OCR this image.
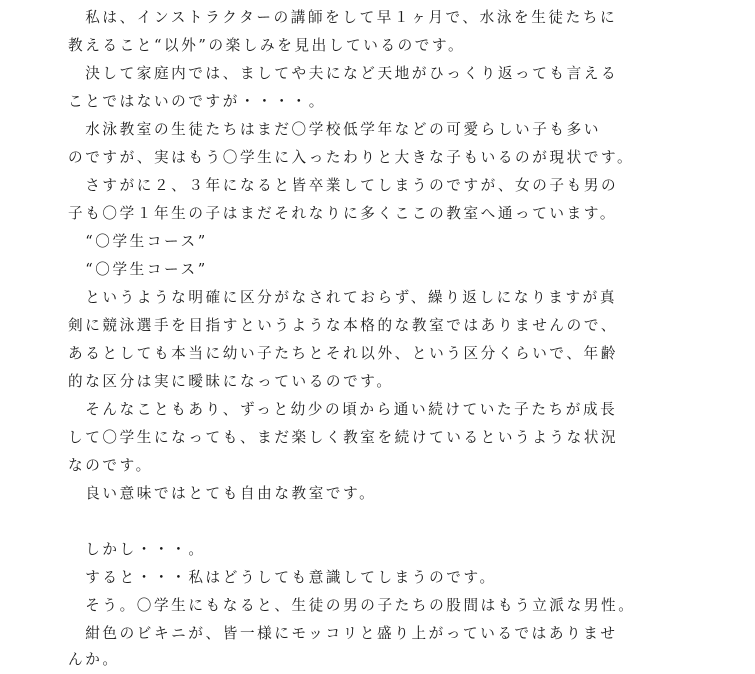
　私は、インストラクターの講師をして早１ヶ月で、水泳を生徒たちに
教えること“以外”の楽しみを見出しているのです。
　決して家庭内では、ましてや夫になど天地がひっくり返っても言える
ことではないのですが・・・・。
　水泳教室の生徒たちはまだ〇学校低学年などの可愛らしい子も多い
のですが、実はもう〇学生に入ったわりと大きな子もいるのが現状です。
　さすがに２、３年になると皆卒業してしまうのですが、女の子も男の
子も〇学１年生の子はまだそれなりに多くここの教室へ通っています。
　“〇学生コース”
　“〇学生コース”
　というような明確に区分がなされておらず、繰り返しになりますが真
剣に競泳選手を目指すというような本格的な教室ではありませんので、
あるとしても本当に幼い子たちとそれ以外、という区分くらいで、年齢
的な区分は実に曖昧になっているのです。
　そんなこともあり、ずっと幼少の頃から通い続けていた子たちが成長
して〇学生になっても、まだ楽しく教室を続けているというような状況
なのです。
　良い意味ではとても自由な教室です。
　しかし・・・。
　すると・・・私はどうしても意識してしまうのです。
　そう。〇学生にもなると、生徒の男の子たちの股間はもう立派な男性。
　紺色のビキニが、皆一様にモッコリと盛り上がっているではありませ
んか。
